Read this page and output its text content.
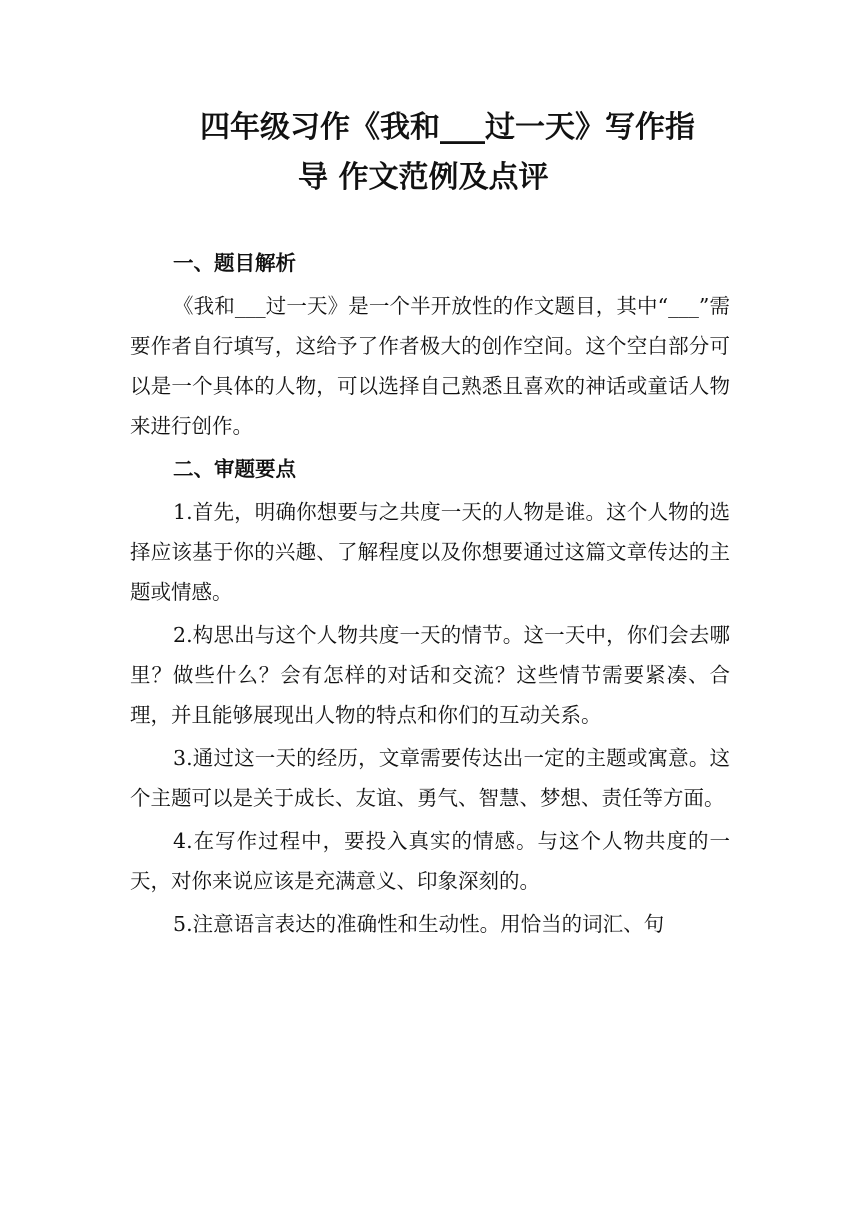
四年级习作《我和___过一天》写作指
导 作文范例及点评
一、题目解析

《我和___过一天》是一个半开放性的作文题目，其中“___”需要作者自行填写，这给予了作者极大的创作空间。这个空白部分可以是一个具体的人物，可以选择自己熟悉且喜欢的神话或童话人物来进行创作。

二、审题要点

1.首先，明确你想要与之共度一天的人物是谁。这个人物的选择应该基于你的兴趣、了解程度以及你想要通过这篇文章传达的主题或情感。

2.构思出与这个人物共度一天的情节。这一天中，你们会去哪里？做些什么？会有怎样的对话和交流？这些情节需要紧凑、合理，并且能够展现出人物的特点和你们的互动关系。

3.通过这一天的经历，文章需要传达出一定的主题或寓意。这个主题可以是关于成长、友谊、勇气、智慧、梦想、责任等方面。

4.在写作过程中，要投入真实的情感。与这个人物共度的一天，对你来说应该是充满意义、印象深刻的。

5.注意语言表达的准确性和生动性。用恰当的词汇、句
